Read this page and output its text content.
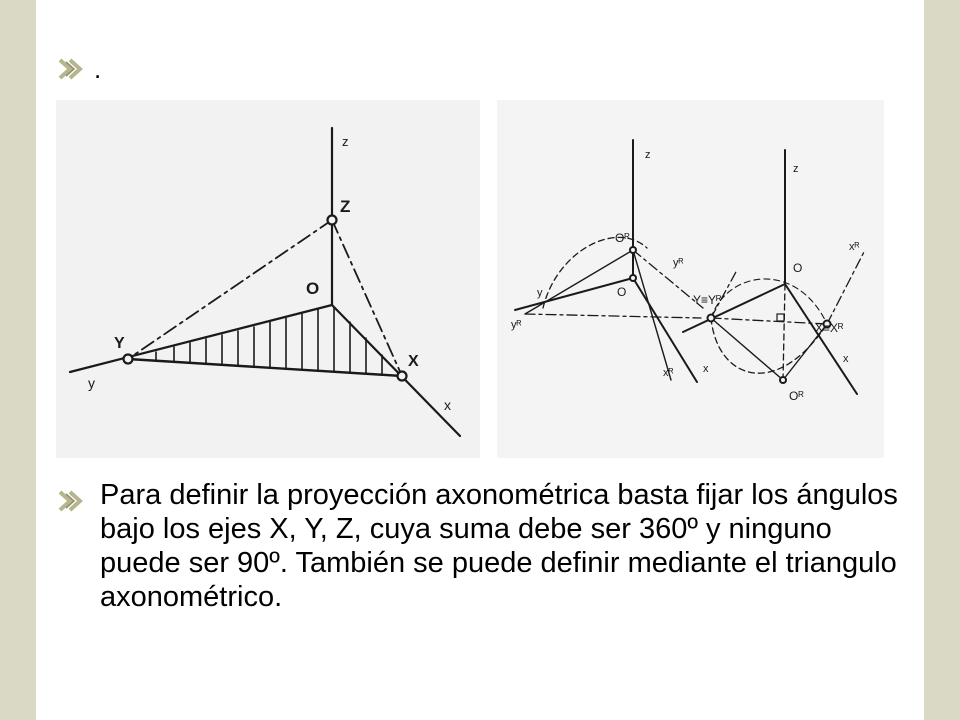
.
z
Z
O
Y
y
X
x
z
Oᴿ
O
yᴿ
y
yᴿ
xᴿ	x
z
O
Y≡Yᴿ
X≡Xᴿ
xᴿ
x
Oᴿ
Para definir la proyección axonométrica basta fijar los ángulos bajo los ejes X, Y, Z, cuya suma debe ser 360º y ninguno puede ser 90º. También se puede definir mediante el triangulo axonométrico.
